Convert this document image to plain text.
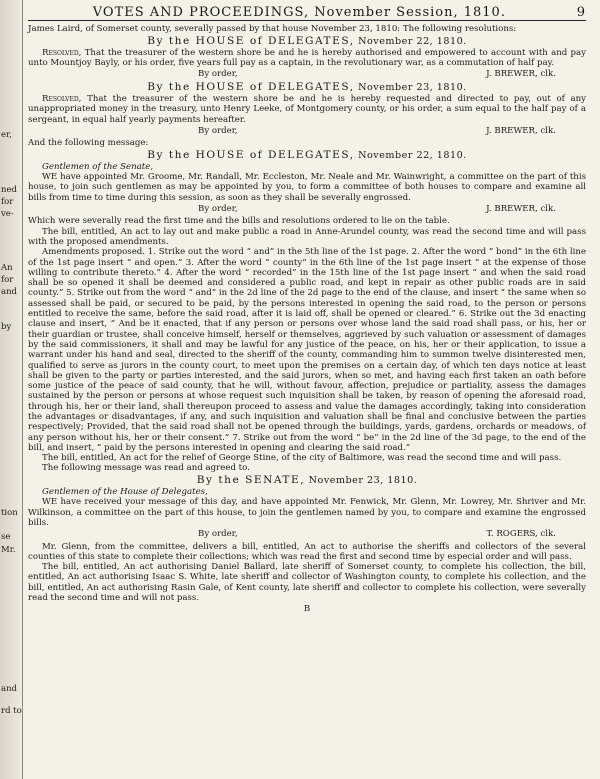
er,
ned
for
ve-
An
for
and
by
tion
se
Mr.
and
rd to
VOTES AND PROCEEDINGS, November Session, 1810.	9

James Laird, of Somerset county, severally passed by that house November 23, 1810: The following resolutions:

By the HOUSE of DELEGATES, November 22, 1810.

Resolved, That the treasurer of the western shore be and he is hereby authorised and empowered to account with and pay unto Mountjoy Bayly, or his order, five years full pay as a captain, in the revolutionary war, as a commutation of half pay.

By order,	J. BREWER, clk.
By the HOUSE of DELEGATES, November 23, 1810.

Resolved, That the treasurer of the western shore be and he is hereby requested and directed to pay, out of any unappropriated money in the treasury, unto Henry Leeke, of Montgomery county, or his order, a sum equal to the half pay of a sergeant, in equal half yearly payments hereafter.

By order,	J. BREWER, clk.

And the following message:

By the HOUSE of DELEGATES, November 22, 1810.

Gentlemen of the Senate,

WE have appointed Mr. Groome, Mr. Randall, Mr. Eccleston, Mr. Neale and Mr. Wainwright, a committee on the part of this house, to join such gentlemen as may be appointed by you, to form a committee of both houses to compare and examine all bills from time to time during this session, as soon as they shall be severally engrossed.

By order,	J. BREWER, clk.

Which were severally read the first time and the bills and resolutions ordered to lie on the table.

The bill, entitled, An act to lay out and make public a road in Anne-Arundel county, was read the second time and will pass with the proposed amendments.

Amendments proposed. 1. Strike out the word “ and” in the 5th line of the 1st page. 2. After the word “ bond” in the 6th line of the 1st page insert “ and open.” 3. After the word “ county” in the 6th line of the 1st page insert “ at the expense of those willing to contribute thereto.” 4. After the word “ recorded” in the 15th line of the 1st page insert “ and when the said road shall be so opened it shall be deemed and considered a public road, and kept in repair as other public roads are in said county.” 5. Strike out from the word “ and” in the 2d line of the 2d page to the end of the clause, and insert “ the same when so assessed shall be paid, or secured to be paid, by the persons interested in opening the said road, to the person or persons entitled to receive the same, before the said road, after it is laid off, shall be opened or cleared.” 6. Strike out the 3d enacting clause and insert, “ And be it enacted, that if any person or persons over whose land the said road shall pass, or his, her or their guardian or trustee, shall conceive himself, herself or themselves, aggrieved by such valuation or assessment of damages by the said commissioners, it shall and may be lawful for any justice of the peace, on his, her or their application, to issue a warrant under his hand and seal, directed to the sheriff of the county, commanding him to summon twelve disinterested men, qualified to serve as jurors in the county court, to meet upon the premises on a certain day, of which ten days notice at least shall be given to the party or parties interested, and the said jurors, when so met, and having each first taken an oath before some justice of the peace of said county, that he will, without favour, affection, prejudice or partiality, assess the damages sustained by the person or persons at whose request such inquisition shall be taken, by reason of opening the aforesaid road, through his, her or their land, shall thereupon proceed to assess and value the damages accordingly, taking into consideration the advantages or disadvantages, if any, and such inquisition and valuation shall be final and conclusive between the parties respectively; Provided, that the said road shall not be opened through the buildings, yards, gardens, orchards or meadows, of any person without his, her or their consent.” 7. Strike out from the word “ be” in the 2d line of the 3d page, to the end of the bill, and insert, “ paid by the persons interested in opening and clearing the said road.”

The bill, entitled, An act for the relief of George Stine, of the city of Baltimore, was read the second time and will pass.

The following message was read and agreed to.

By the SENATE, November 23, 1810.

Gentlemen of the House of Delegates,

WE have received your message of this day, and have appointed Mr. Fenwick, Mr. Glenn, Mr. Lowrey, Mr. Shriver and Mr. Wilkinson, a committee on the part of this house, to join the gentlemen named by you, to compare and examine the engrossed bills.

By order,	T. ROGERS, clk.

Mr. Glenn, from the committee, delivers a bill, entitled, An act to authorise the sheriffs and collectors of the several counties of this state to complete their collections; which was read the first and second time by especial order and will pass.

The bill, entitled, An act authorising Daniel Ballard, late sheriff of Somerset county, to complete his collection, the bill, entitled, An act authorising Isaac S. White, late sheriff and collector of Washington county, to complete his collection, and the bill, entitled, An act authorising Rasin Gale, of Kent county, late sheriff and collector to complete his collection, were severally read the second time and will not pass.

B
